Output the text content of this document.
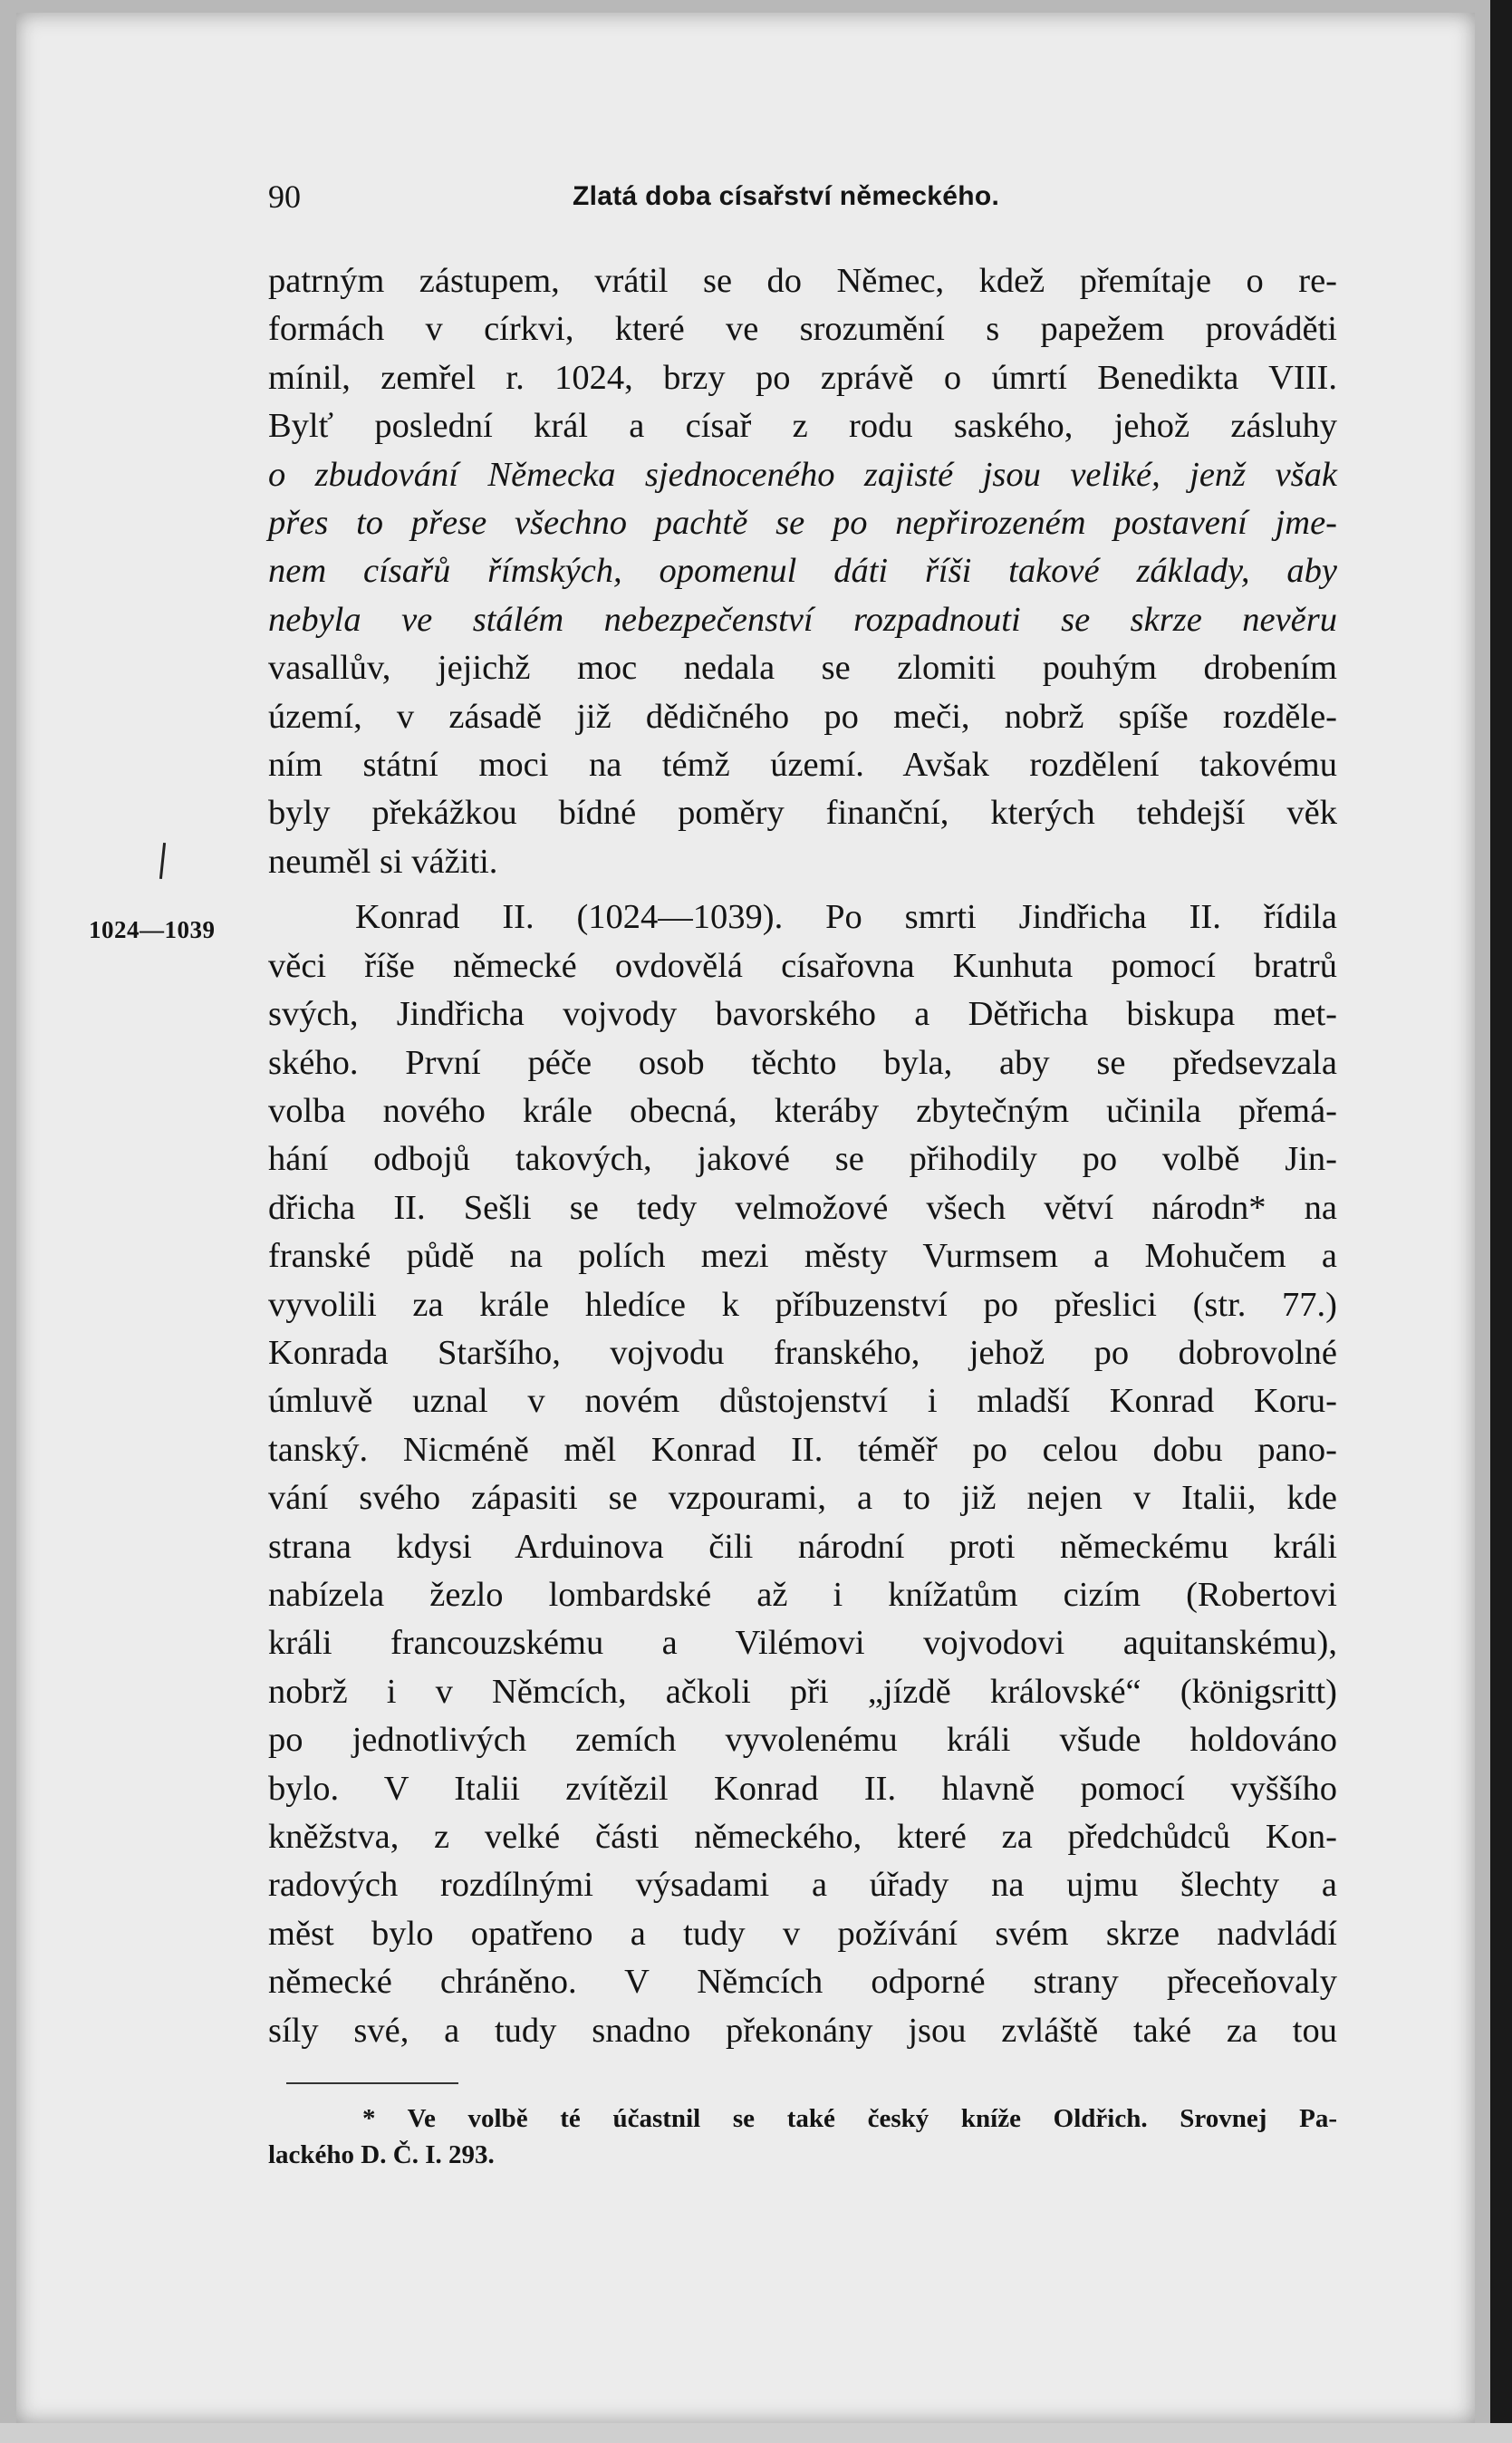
90	Zlatá doba císařství německého.
1024—1039
patrným zástupem, vrátil se do Němec, kdež přemítaje o re-
formách v církvi, které ve srozumění s papežem prováděti
mínil, zemřel r. 1024, brzy po zprávě o úmrtí Benedikta VIII.
Bylť poslední král a císař z rodu saského, jehož zásluhy
o zbudování Německa sjednoceného zajisté jsou veliké, jenž však
přes to přese všechno pachtě se po nepřirozeném postavení jme-
nem císařů římských, opomenul dáti říši takové základy, aby
nebyla ve stálém nebezpečenství rozpadnouti se skrze nevěru
vasallův, jejichž moc nedala se zlomiti pouhým drobením
území, v zásadě již dědičného po meči, nobrž spíše rozděle-
ním státní moci na témž území. Avšak rozdělení takovému
byly překážkou bídné poměry finanční, kterých tehdejší věk
neuměl si vážiti.
Konrad II. (1024—1039). Po smrti Jindřicha II. řídila
věci říše německé ovdovělá císařovna Kunhuta pomocí bratrů
svých, Jindřicha vojvody bavorského a Dětřicha biskupa met-
ského. První péče osob těchto byla, aby se předsevzala
volba nového krále obecná, kteráby zbytečným učinila přemá-
hání odbojů takových, jakové se přihodily po volbě Jin-
dřicha II. Sešli se tedy velmožové všech větví národn* na
franské půdě na polích mezi městy Vurmsem a Mohučem a
vyvolili za krále hledíce k příbuzenství po přeslici (str. 77.)
Konrada Staršího, vojvodu franského, jehož po dobrovolné
úmluvě uznal v novém důstojenství i mladší Konrad Koru-
tanský. Nicméně měl Konrad II. téměř po celou dobu pano-
vání svého zápasiti se vzpourami, a to již nejen v Italii, kde
strana kdysi Arduinova čili národní proti německému králi
nabízela žezlo lombardské až i knížatům cizím (Robertovi
králi francouzskému a Vilémovi vojvodovi aquitanskému),
nobrž i v Němcích, ačkoli při „jízdě královské“ (königsritt)
po jednotlivých zemích vyvolenému králi všude holdováno
bylo. V Italii zvítězil Konrad II. hlavně pomocí vyššího
kněžstva, z velké části německého, které za předchůdců Kon-
radových rozdílnými výsadami a úřady na ujmu šlechty a
měst bylo opatřeno a tudy v požívání svém skrze nadvládí
německé chráněno. V Němcích odporné strany přeceňovaly
síly své, a tudy snadno překonány jsou zvláště také za tou
* Ve volbě té účastnil se také český kníže Oldřich. Srovnej Pa-
lackého D. Č. I. 293.
